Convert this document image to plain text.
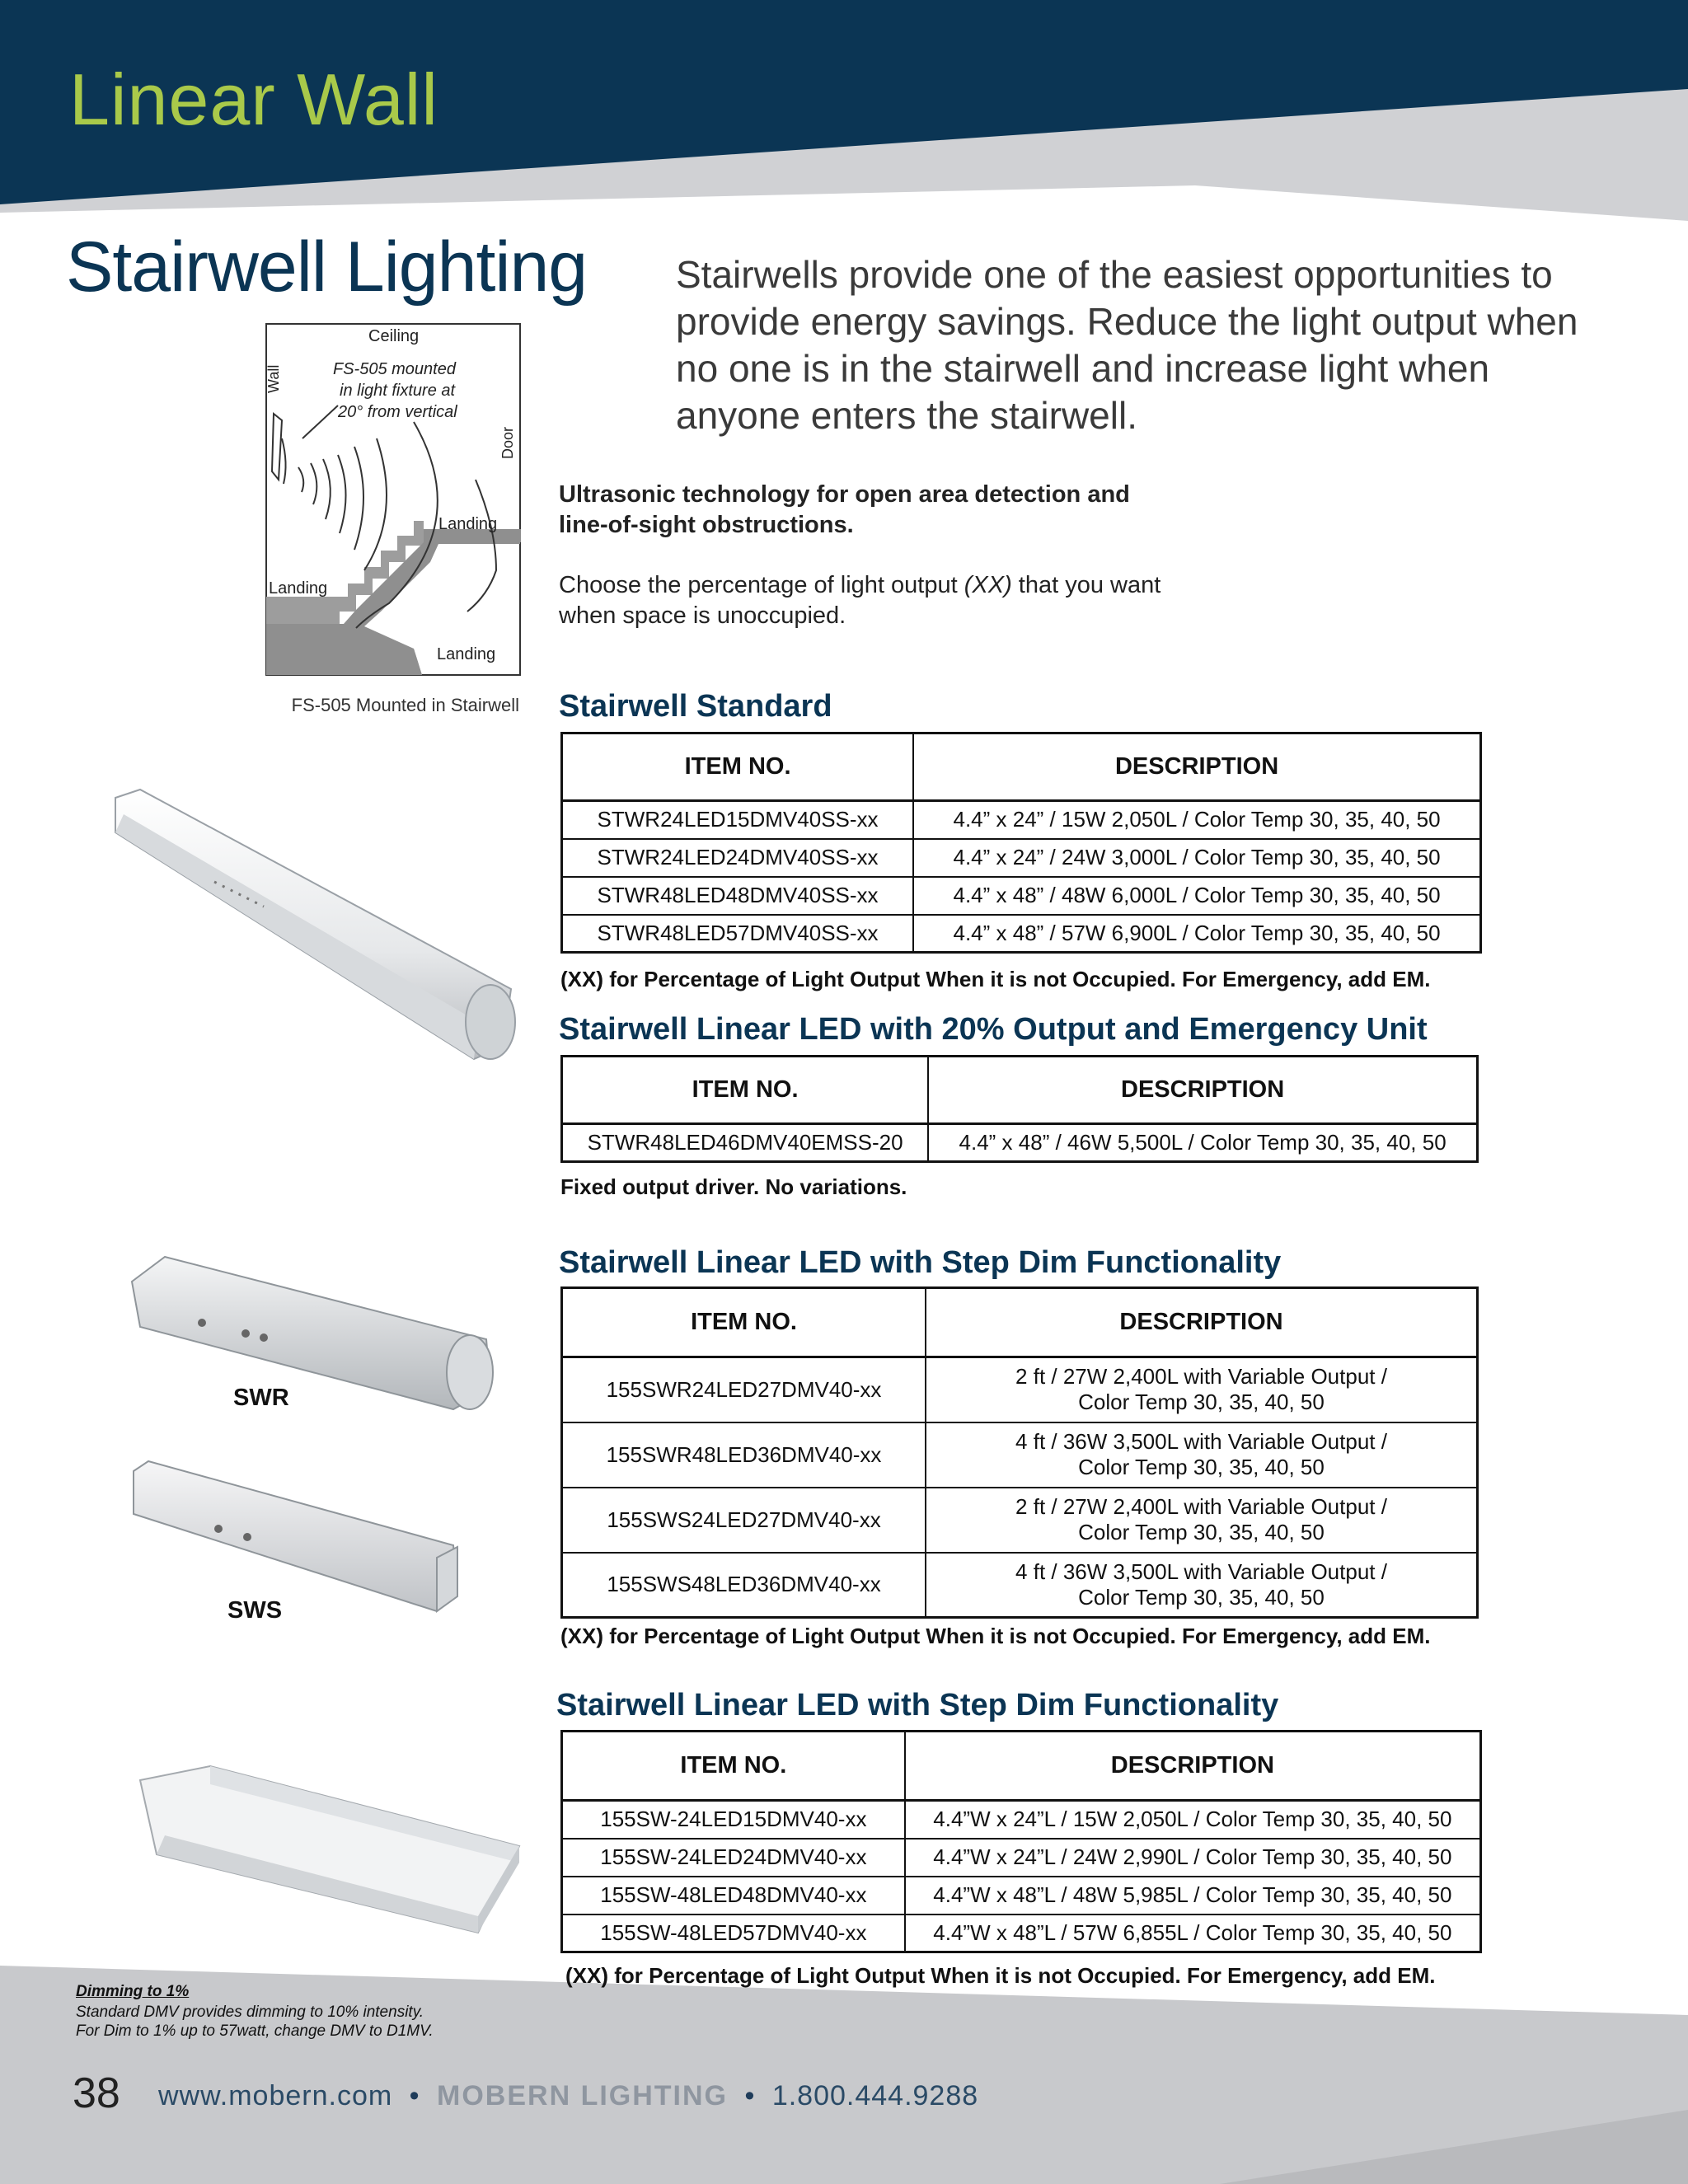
Linear Wall
Stairwell Lighting Stairwells provide one of the easiest opportunities to provide energy savings. Reduce the light output when no one is in the stairwell and increase light when anyone enters the stairwell.
Ultrasonic technology for open area detection and line-of-sight obstructions.
Choose the percentage of light output (XX) that you want when space is unoccupied.
Ceiling
Wall
Door
FS-505 mounted
in light fixture at
20° from vertical
Landing
Landing
Landing
FS-505 Mounted in Stairwell
SWR
SWS
Stairwell Standard
ITEM NO.	DESCRIPTION
STWR24LED15DMV40SS-xx	4.4” x 24” / 15W 2,050L / Color Temp 30, 35, 40, 50
STWR24LED24DMV40SS-xx	4.4” x 24” / 24W 3,000L / Color Temp 30, 35, 40, 50
STWR48LED48DMV40SS-xx	4.4” x 48” / 48W 6,000L / Color Temp 30, 35, 40, 50
STWR48LED57DMV40SS-xx	4.4” x 48” / 57W 6,900L / Color Temp 30, 35, 40, 50
(XX) for Percentage of Light Output When it is not Occupied. For Emergency, add EM.
Stairwell Linear LED with 20% Output and Emergency Unit
ITEM NO.	DESCRIPTION
STWR48LED46DMV40EMSS-20	4.4” x 48” / 46W 5,500L / Color Temp 30, 35, 40, 50
Fixed output driver. No variations.
Stairwell Linear LED with Step Dim Functionality
ITEM NO.	DESCRIPTION
155SWR24LED27DMV40-xx	2 ft / 27W 2,400L with Variable Output /
Color Temp 30, 35, 40, 50

155SWR48LED36DMV40-xx	4 ft / 36W 3,500L with Variable Output /
Color Temp 30, 35, 40, 50

155SWS24LED27DMV40-xx	2 ft / 27W 2,400L with Variable Output /
Color Temp 30, 35, 40, 50

155SWS48LED36DMV40-xx	4 ft / 36W 3,500L with Variable Output /
Color Temp 30, 35, 40, 50
(XX) for Percentage of Light Output When it is not Occupied. For Emergency, add EM.
Stairwell Linear LED with Step Dim Functionality
ITEM NO.	DESCRIPTION
155SW-24LED15DMV40-xx	4.4”W x 24”L / 15W 2,050L / Color Temp 30, 35, 40, 50
155SW-24LED24DMV40-xx	4.4”W x 24”L / 24W 2,990L / Color Temp 30, 35, 40, 50
155SW-48LED48DMV40-xx	4.4”W x 48”L / 48W 5,985L / Color Temp 30, 35, 40, 50
155SW-48LED57DMV40-xx	4.4”W x 48”L / 57W 6,855L / Color Temp 30, 35, 40, 50
(XX) for Percentage of Light Output When it is not Occupied. For Emergency, add EM.
Dimming to 1%
Standard DMV provides dimming to 10% intensity.
For Dim to 1% up to 57watt, change DMV to D1MV.
38 www.mobern.com • MOBERN LIGHTING • 1.800.444.9288
